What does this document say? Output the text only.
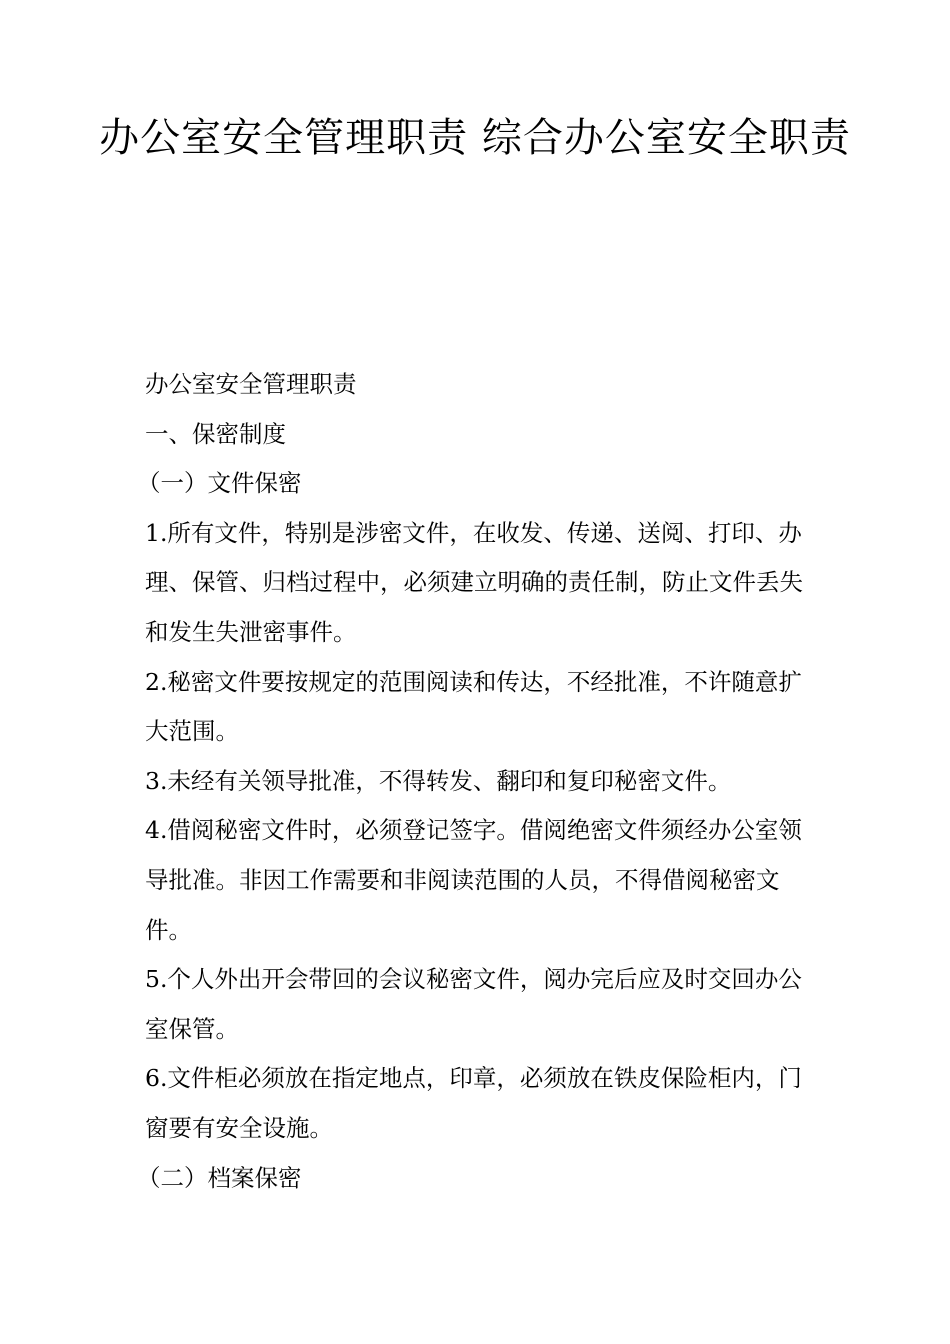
办公室安全管理职责 综合办公室安全职责

办公室安全管理职责

一、保密制度

（一）文件保密

1.所有文件，特别是涉密文件，在收发、传递、送阅、打印、办理、保管、归档过程中，必须建立明确的责任制，防止文件丢失和发生失泄密事件。

2.秘密文件要按规定的范围阅读和传达，不经批准，不许随意扩大范围。

3.未经有关领导批准，不得转发、翻印和复印秘密文件。

4.借阅秘密文件时，必须登记签字。借阅绝密文件须经办公室领导批准。非因工作需要和非阅读范围的人员，不得借阅秘密文件。

5.个人外出开会带回的会议秘密文件，阅办完后应及时交回办公室保管。

6.文件柜必须放在指定地点，印章，必须放在铁皮保险柜内，门窗要有安全设施。

（二）档案保密
